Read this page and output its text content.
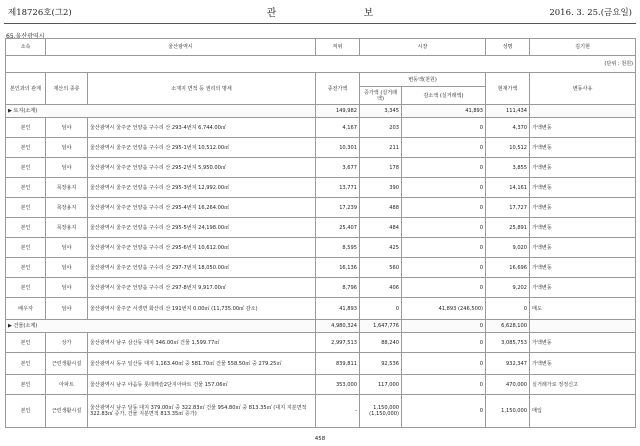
제18726호(그2)	관 보	2016. 3. 25.(금요일)
65.울산광역시
소속	울산광역시		직위	시장		성명	김기현
(단위 : 천원)							
본인과의 관계	재산의 종류	소재지 면적 등 권리의 명세	종전가액	변동액(천원)		현재가액	변동사유
				증가액 (실거래액)	감소액 (실거래액)		
▶ 토지(소계)			149,982	3,345	41,893	111,434	
본인	임야	울산광역시 울주군 언양읍 구수리 산 293-4번지 6,744.00㎡	4,167	203	0	4,370	가액변동
본인	임야	울산광역시 울주군 언양읍 구수리 산 295-1번지 10,512.00㎡	10,301	211	0	10,512	가액변동
본인	임야	울산광역시 울주군 언양읍 구수리 산 295-2번지 5,950.00㎡	3,677	178	0	3,855	가액변동
본인	목장용지	울산광역시 울주군 언양읍 구수리 산 295-3번지 12,992.00㎡	13,771	390	0	14,161	가액변동
본인	목장용지	울산광역시 울주군 언양읍 구수리 산 295-4번지 16,264.00㎡	17,239	488	0	17,727	가액변동
본인	목장용지	울산광역시 울주군 언양읍 구수리 산 295-5번지 24,198.00㎡	25,407	484	0	25,891	가액변동
본인	임야	울산광역시 울주군 언양읍 구수리 산 295-6번지 10,612.00㎡	8,595	425	0	9,020	가액변동
본인	임야	울산광역시 울주군 언양읍 구수리 산 297-7번지 18,050.00㎡	16,136	560	0	16,696	가액변동
본인	임야	울산광역시 울주군 언양읍 구수리 산 297-8번지 9,917.00㎡	8,796	406	0	9,202	가액변동
배우자	임야	울산광역시 울주군 서생면 화산리 산 191번지 0.00㎡ (11,735.00㎡ 감소)	41,893	0	41,893 (246,500)	0	매도
▶ 건물(소계)			4,980,324	1,647,776	0	6,628,100	
본인	상가	울산광역시 남구 삼산동 대지 346.00㎡ 건물 1,599.77㎡	2,997,513	88,240	0	3,085,753	가액변동
본인	근린생활시설	울산광역시 동구 일산동 대지 1,163.40㎡ 중 581.70㎡ 건물 558.50㎡ 중 279.25㎡	839,811	92,536	0	932,347	가액변동
본인	아파트	울산광역시 남구 야음동 롯데캐슬2단지아파트 건물 157.06㎡	353,000	117,000	0	470,000	실거래가로 정정신고
본인	근린생활시설	울산광역시 남구 달동 대지 379.00㎡ 중 322.83㎡ 건물 954.80㎡ 중 813.35㎡ (대지 지분면적 322.83㎡ 증가, 건물 지분면적 813.35㎡ 증가)	-	1,150,000 (1,150,000)	0	1,150,000	매입
458
